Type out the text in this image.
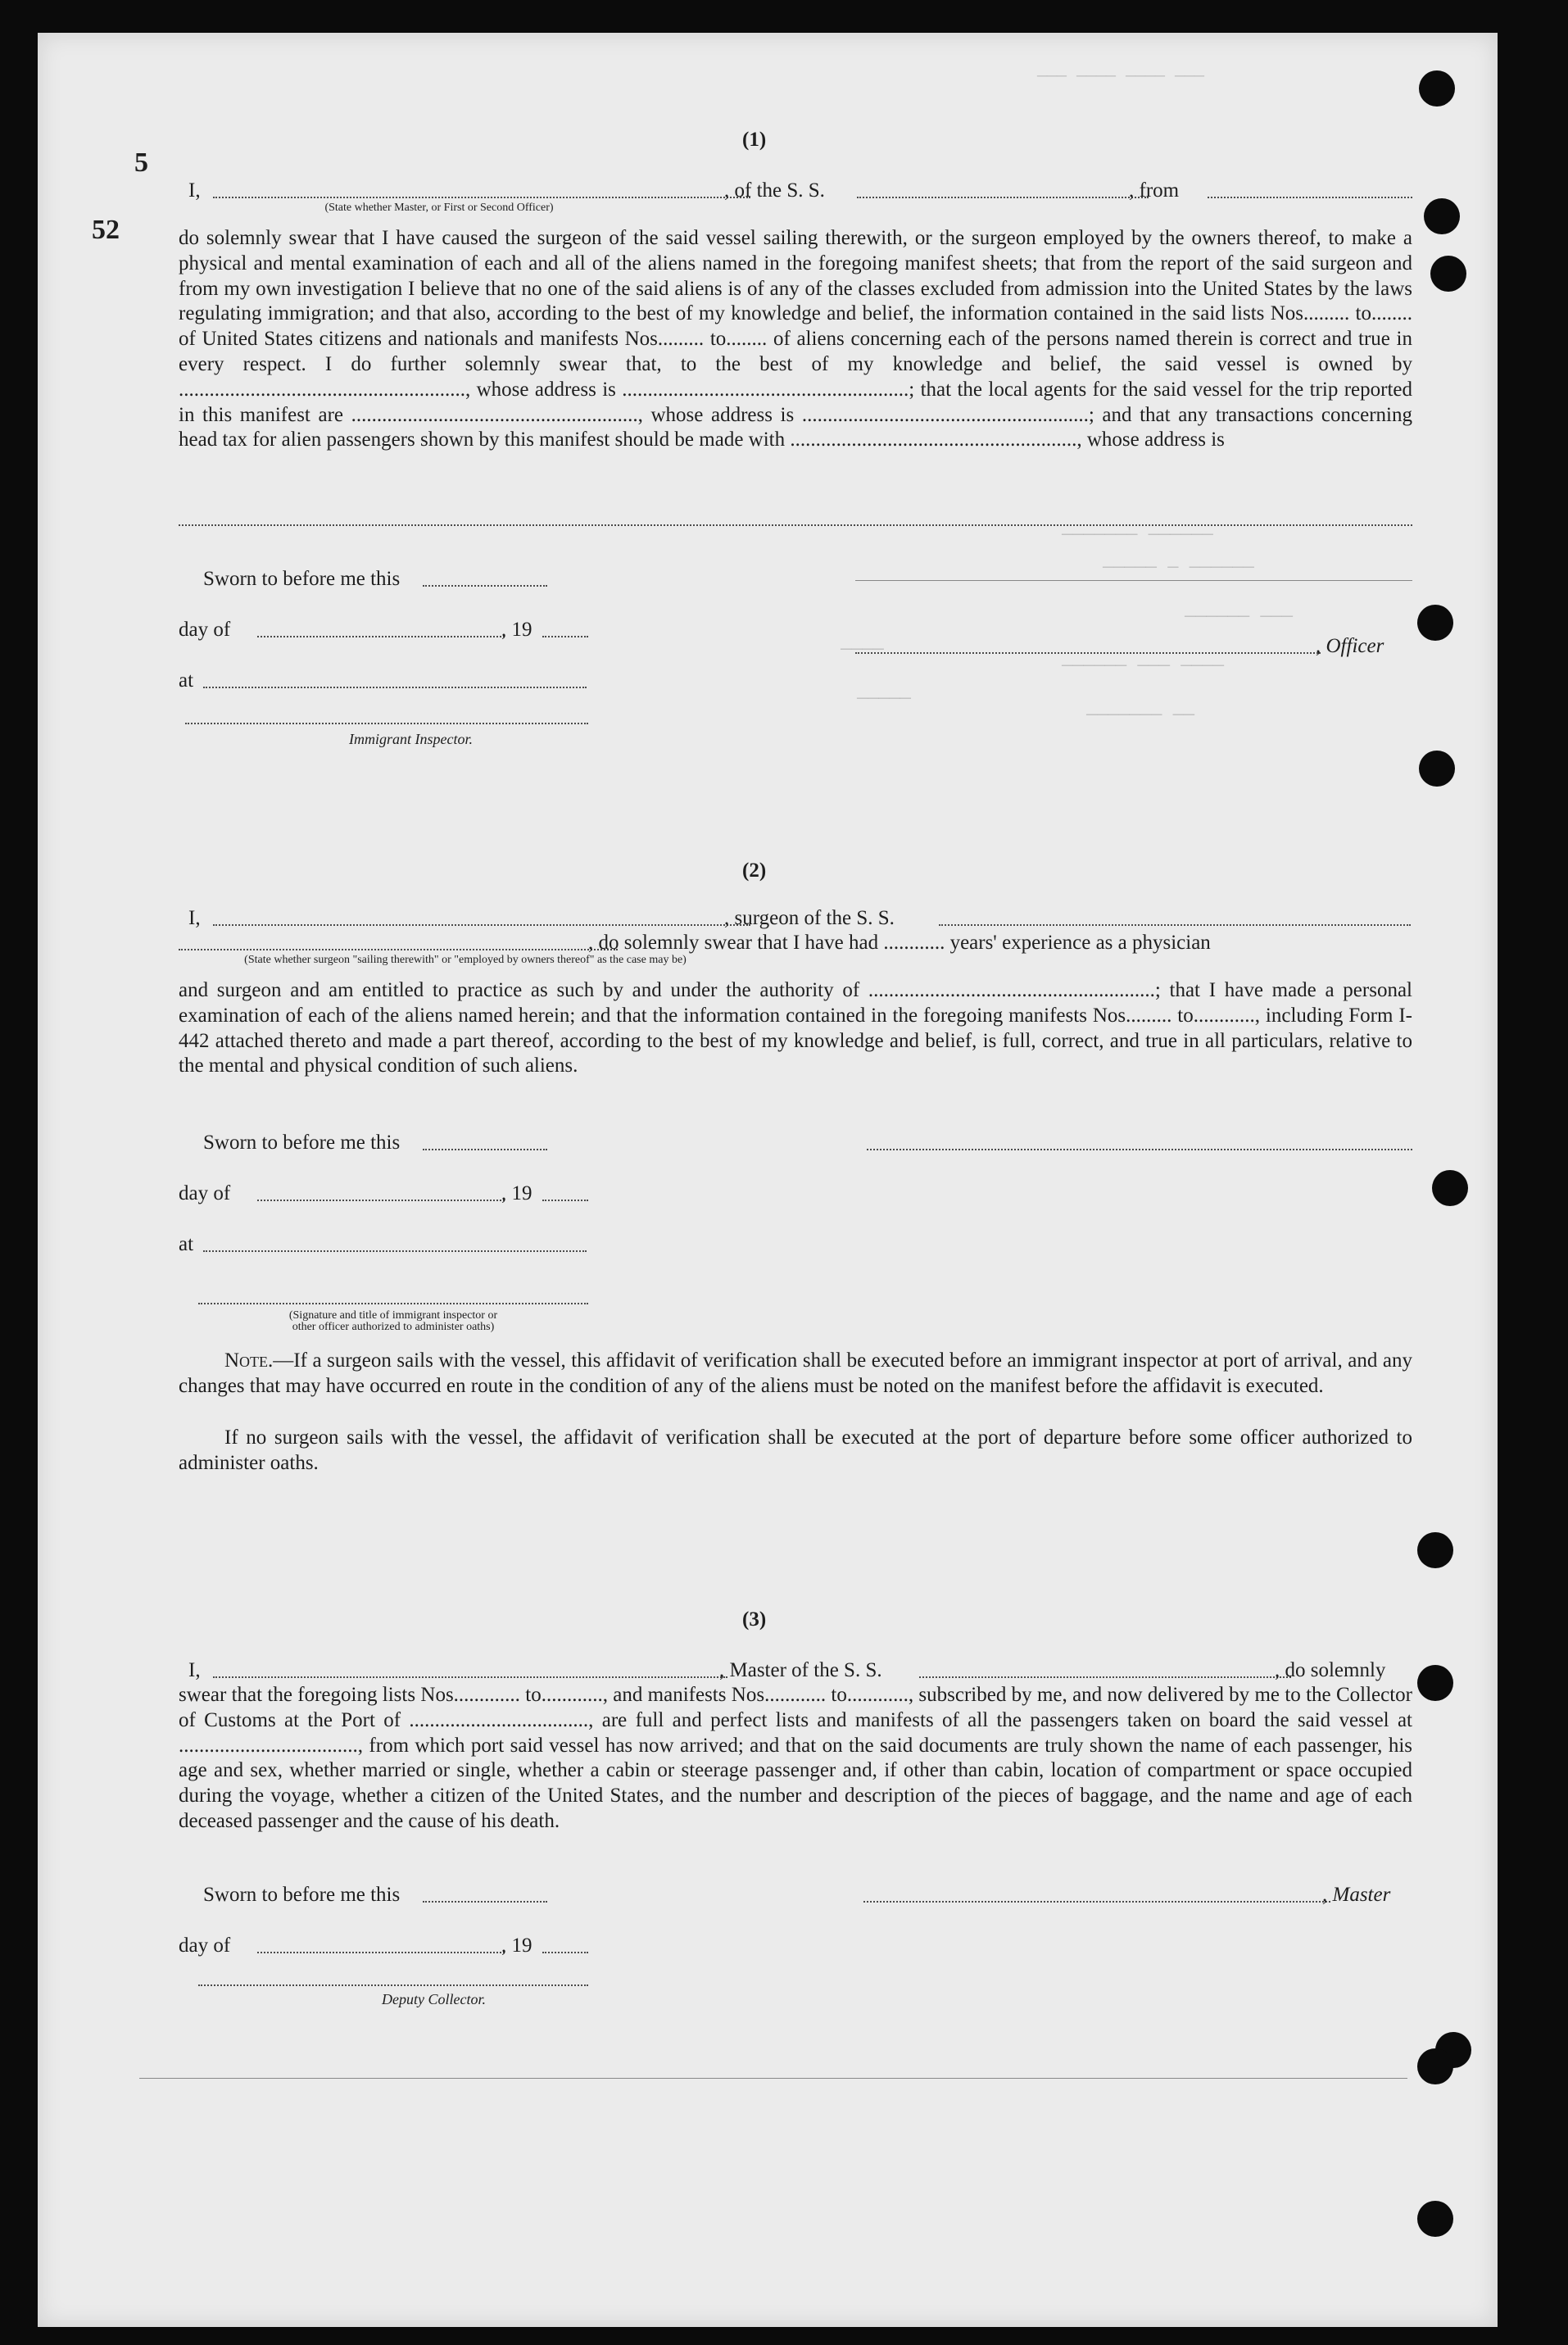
——— ———— ———— ———
——————— ——————
————— — ——————
—————— ———
—————— ——— ————
——————— ——
————
—————
5
52
(1)
I,	, of the S. S.	, from
(State whether Master, or First or Second Officer)
do solemnly swear that I have caused the surgeon of the said vessel sailing therewith, or the surgeon employed by the owners thereof, to make a physical and mental examination of each and all of the aliens named in the foregoing manifest sheets; that from the report of the said surgeon and from my own investigation I believe that no one of the said aliens is of any of the classes excluded from admission into the United States by the laws regulating immigration; and that also, according to the best of my knowledge and belief, the information contained in the said lists Nos......... to........ of United States citizens and nationals and manifests Nos......... to........ of aliens concerning each of the persons named therein is correct and true in every respect. I do further solemnly swear that, to the best of my knowledge and belief, the said vessel is owned by ........................................................, whose address is ........................................................; that the local agents for the said vessel for the trip reported in this manifest are ........................................................, whose address is ........................................................; and that any transactions concerning head tax for alien passengers shown by this manifest should be made with ........................................................, whose address is
Sworn to before me this
day of	, 19
, Officer
at
Immigrant Inspector.
(2)
I,	, surgeon of the S. S.
, do solemnly swear that I have had ............ years' experience as a physician
(State whether surgeon "sailing therewith" or "employed by owners thereof" as the case may be)
and surgeon and am entitled to practice as such by and under the authority of ........................................................; that I have made a personal examination of each of the aliens named herein; and that the information contained in the foregoing manifests Nos......... to............, including Form I-442 attached thereto and made a part thereof, according to the best of my knowledge and belief, is full, correct, and true in all particulars, relative to the mental and physical condition of such aliens.
Sworn to before me this
day of	, 19
at
(Signature and title of immigrant inspector or
other officer authorized to administer oaths)
Note.—If a surgeon sails with the vessel, this affidavit of verification shall be executed before an immigrant inspector at port of arrival, and any changes that may have occurred en route in the condition of any of the aliens must be noted on the manifest before the affidavit is executed.
If no surgeon sails with the vessel, the affidavit of verification shall be executed at the port of departure before some officer authorized to administer oaths.
(3)
I,	, Master of the S. S.	, do solemnly
swear that the foregoing lists Nos............. to............, and manifests Nos............ to............, subscribed by me, and now delivered by me to the Collector of Customs at the Port of ..................................., are full and perfect lists and manifests of all the passengers taken on board the said vessel at ..................................., from which port said vessel has now arrived; and that on the said documents are truly shown the name of each passenger, his age and sex, whether married or single, whether a cabin or steerage passenger and, if other than cabin, location of compartment or space occupied during the voyage, whether a citizen of the United States, and the number and description of the pieces of baggage, and the name and age of each deceased passenger and the cause of his death.
Sworn to before me this	, Master
day of	, 19
Deputy Collector.
